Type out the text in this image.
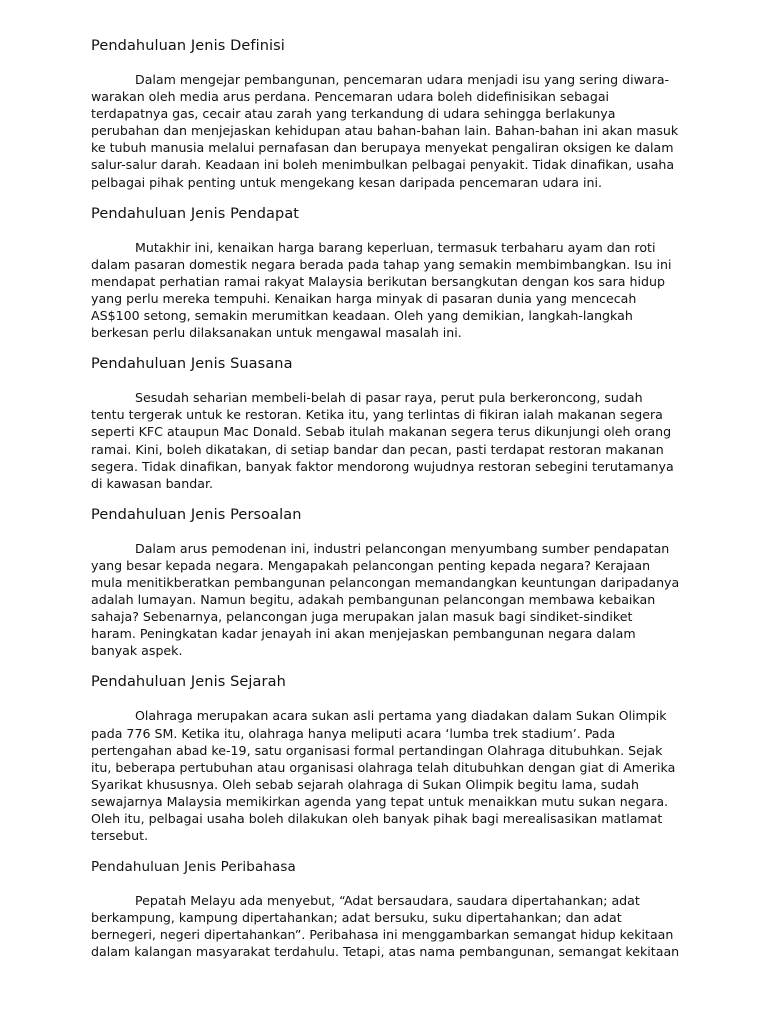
Pendahuluan Jenis Definisi

Dalam mengejar pembangunan, pencemaran udara menjadi isu yang sering diwara-
warakan oleh media arus perdana. Pencemaran udara boleh didefinisikan sebagai
terdapatnya gas, cecair atau zarah yang terkandung di udara sehingga berlakunya
perubahan dan menjejaskan kehidupan atau bahan-bahan lain. Bahan-bahan ini akan masuk
ke tubuh manusia melalui pernafasan dan berupaya menyekat pengaliran oksigen ke dalam
salur-salur darah. Keadaan ini boleh menimbulkan pelbagai penyakit. Tidak dinafikan, usaha
pelbagai pihak penting untuk mengekang kesan daripada pencemaran udara ini.

Pendahuluan Jenis Pendapat

Mutakhir ini, kenaikan harga barang keperluan, termasuk terbaharu ayam dan roti
dalam pasaran domestik negara berada pada tahap yang semakin membimbangkan. Isu ini
mendapat perhatian ramai rakyat Malaysia berikutan bersangkutan dengan kos sara hidup
yang perlu mereka tempuhi. Kenaikan harga minyak di pasaran dunia yang mencecah
AS$100 setong, semakin merumitkan keadaan. Oleh yang demikian, langkah-langkah
berkesan perlu dilaksanakan untuk mengawal masalah ini.

Pendahuluan Jenis Suasana

Sesudah seharian membeli-belah di pasar raya, perut pula berkeroncong, sudah
tentu tergerak untuk ke restoran. Ketika itu, yang terlintas di fikiran ialah makanan segera
seperti KFC ataupun Mac Donald. Sebab itulah makanan segera terus dikunjungi oleh orang
ramai. Kini, boleh dikatakan, di setiap bandar dan pecan, pasti terdapat restoran makanan
segera. Tidak dinafikan, banyak faktor mendorong wujudnya restoran sebegini terutamanya
di kawasan bandar.

Pendahuluan Jenis Persoalan

Dalam arus pemodenan ini, industri pelancongan menyumbang sumber pendapatan
yang besar kepada negara. Mengapakah pelancongan penting kepada negara? Kerajaan
mula menitikberatkan pembangunan pelancongan memandangkan keuntungan daripadanya
adalah lumayan. Namun begitu, adakah pembangunan pelancongan membawa kebaikan
sahaja? Sebenarnya, pelancongan juga merupakan jalan masuk bagi sindiket-sindiket
haram. Peningkatan kadar jenayah ini akan menjejaskan pembangunan negara dalam
banyak aspek.

Pendahuluan Jenis Sejarah

Olahraga merupakan acara sukan asli pertama yang diadakan dalam Sukan Olimpik
pada 776 SM. Ketika itu, olahraga hanya meliputi acara ‘lumba trek stadium’. Pada
pertengahan abad ke-19, satu organisasi formal pertandingan Olahraga ditubuhkan. Sejak
itu, beberapa pertubuhan atau organisasi olahraga telah ditubuhkan dengan giat di Amerika
Syarikat khususnya. Oleh sebab sejarah olahraga di Sukan Olimpik begitu lama, sudah
sewajarnya Malaysia memikirkan agenda yang tepat untuk menaikkan mutu sukan negara.
Oleh itu, pelbagai usaha boleh dilakukan oleh banyak pihak bagi merealisasikan matlamat
tersebut.

Pendahuluan Jenis Peribahasa

Pepatah Melayu ada menyebut, “Adat bersaudara, saudara dipertahankan; adat
berkampung, kampung dipertahankan; adat bersuku, suku dipertahankan; dan adat
bernegeri, negeri dipertahankan”. Peribahasa ini menggambarkan semangat hidup kekitaan
dalam kalangan masyarakat terdahulu. Tetapi, atas nama pembangunan, semangat kekitaan
